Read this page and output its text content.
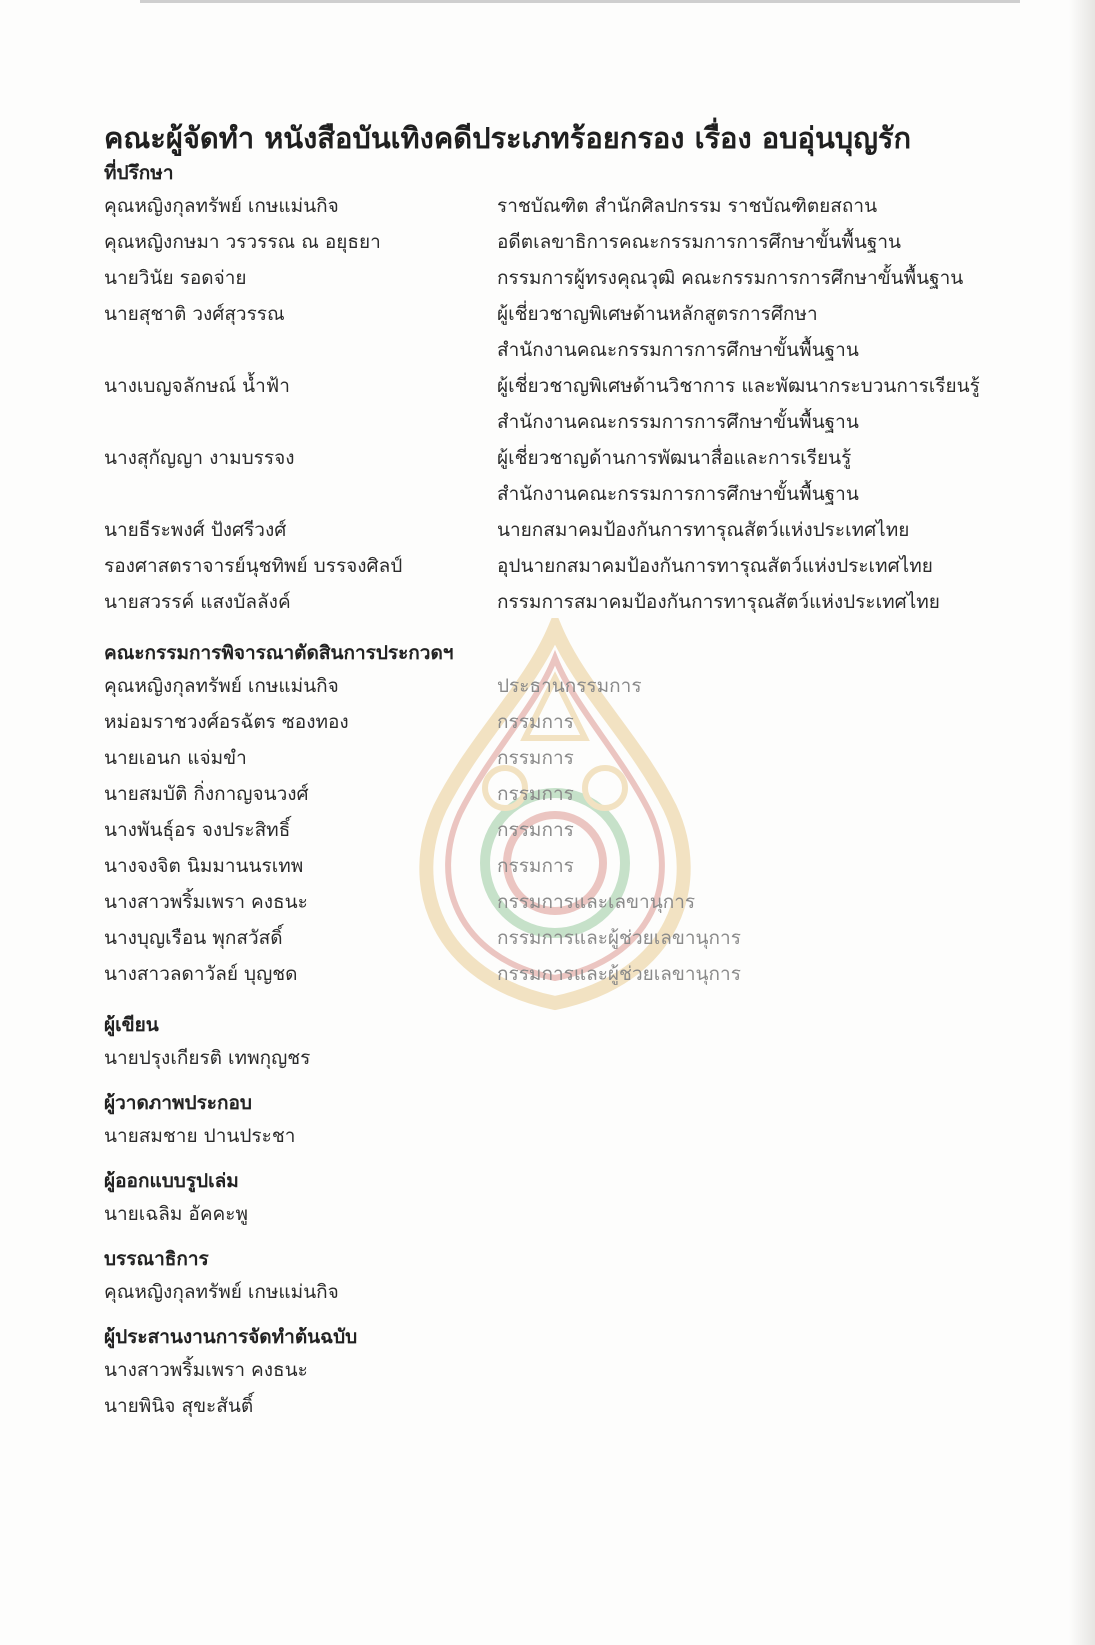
คณะผู้จัดทำ หนังสือบันเทิงคดีประเภทร้อยกรอง เรื่อง อบอุ่นบุญรัก
ที่ปรึกษา
คุณหญิงกุลทรัพย์ เกษแม่นกิจ	ราชบัณฑิต สำนักศิลปกรรม ราชบัณฑิตยสถาน
คุณหญิงกษมา วรวรรณ ณ อยุธยา	อดีตเลขาธิการคณะกรรมการการศึกษาขั้นพื้นฐาน
นายวินัย รอดจ่าย	กรรมการผู้ทรงคุณวุฒิ คณะกรรมการการศึกษาขั้นพื้นฐาน
นายสุชาติ วงศ์สุวรรณ	ผู้เชี่ยวชาญพิเศษด้านหลักสูตรการศึกษา
สำนักงานคณะกรรมการการศึกษาขั้นพื้นฐาน
นางเบญจลักษณ์ น้ำฟ้า	ผู้เชี่ยวชาญพิเศษด้านวิชาการ และพัฒนากระบวนการเรียนรู้
สำนักงานคณะกรรมการการศึกษาขั้นพื้นฐาน
นางสุกัญญา งามบรรจง	ผู้เชี่ยวชาญด้านการพัฒนาสื่อและการเรียนรู้
สำนักงานคณะกรรมการการศึกษาขั้นพื้นฐาน
นายธีระพงศ์ ปังศรีวงศ์	นายกสมาคมป้องกันการทารุณสัตว์แห่งประเทศไทย
รองศาสตราจารย์นุชทิพย์ บรรจงศิลป์	อุปนายกสมาคมป้องกันการทารุณสัตว์แห่งประเทศไทย
นายสวรรค์ แสงบัลลังค์	กรรมการสมาคมป้องกันการทารุณสัตว์แห่งประเทศไทย
คณะกรรมการพิจารณาตัดสินการประกวดฯ
คุณหญิงกุลทรัพย์ เกษแม่นกิจ	ประธานกรรมการ
หม่อมราชวงศ์อรฉัตร ซองทอง	กรรมการ
นายเอนก แจ่มขำ	กรรมการ
นายสมบัติ กิ่งกาญจนวงศ์	กรรมการ
นางพันธุ์อร จงประสิทธิ์	กรรมการ
นางจงจิต นิมมานนรเทพ	กรรมการ
นางสาวพริ้มเพรา คงธนะ	กรรมการและเลขานุการ
นางบุญเรือน พุกสวัสดิ์	กรรมการและผู้ช่วยเลขานุการ
นางสาวลดาวัลย์ บุญชด	กรรมการและผู้ช่วยเลขานุการ
ผู้เขียน
นายปรุงเกียรติ เทพกุญชร
ผู้วาดภาพประกอบ
นายสมชาย ปานประชา
ผู้ออกแบบรูปเล่ม
นายเฉลิม อัคคะพู
บรรณาธิการ
คุณหญิงกุลทรัพย์ เกษแม่นกิจ
ผู้ประสานงานการจัดทำต้นฉบับ
นางสาวพริ้มเพรา คงธนะ
นายพินิจ สุขะสันติ์
